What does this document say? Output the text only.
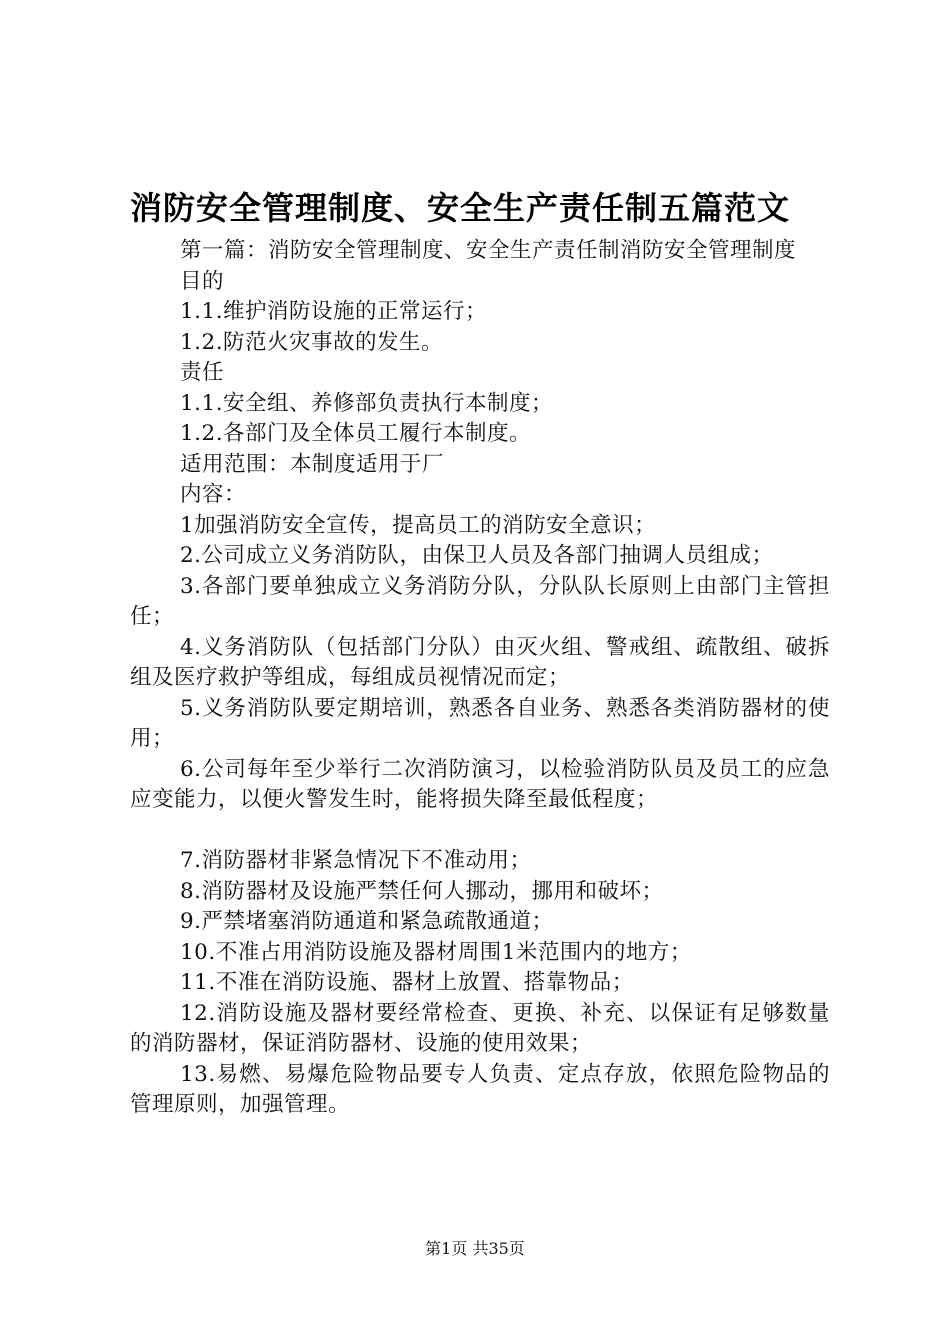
消防安全管理制度、安全生产责任制五篇范文

第一篇：消防安全管理制度、安全生产责任制消防安全管理制度

目的

1.1.维护消防设施的正常运行；

1.2.防范火灾事故的发生。

责任

1.1.安全组、养修部负责执行本制度；

1.2.各部门及全体员工履行本制度。

适用范围：本制度适用于厂

内容：

1加强消防安全宣传，提高员工的消防安全意识；

2.公司成立义务消防队，由保卫人员及各部门抽调人员组成；

3.各部门要单独成立义务消防分队，分队队长原则上由部门主管担任；

4.义务消防队（包括部门分队）由灭火组、警戒组、疏散组、破拆组及医疗救护等组成，每组成员视情况而定；

5.义务消防队要定期培训，熟悉各自业务、熟悉各类消防器材的使用；

6.公司每年至少举行二次消防演习，以检验消防队员及员工的应急应变能力，以便火警发生时，能将损失降至最低程度；

7.消防器材非紧急情况下不准动用；

8.消防器材及设施严禁任何人挪动，挪用和破坏；

9.严禁堵塞消防通道和紧急疏散通道；

10.不准占用消防设施及器材周围1米范围内的地方；

11.不准在消防设施、器材上放置、搭靠物品；

12.消防设施及器材要经常检查、更换、补充、以保证有足够数量的消防器材，保证消防器材、设施的使用效果；

13.易燃、易爆危险物品要专人负责、定点存放，依照危险物品的管理原则，加强管理。

第1页 共35页
